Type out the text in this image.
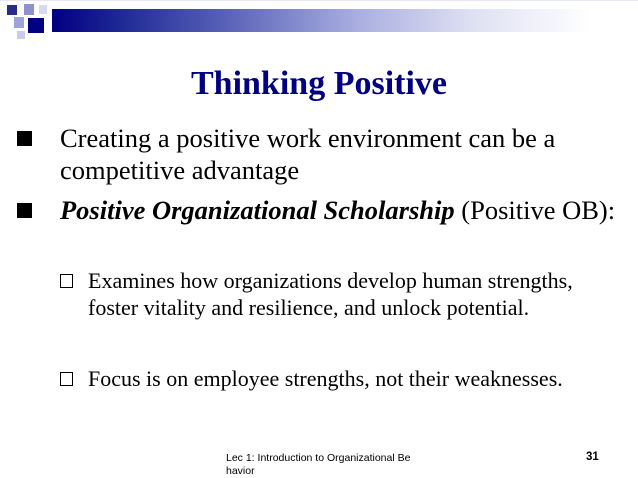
Thinking Positive
Creating a positive work environment can be a competitive advantage
Positive Organizational Scholarship (Positive OB):
Examines how organizations develop human strengths, foster vitality and resilience, and unlock potential.
Focus is on employee strengths, not their weaknesses.
Lec 1: Introduction to Organizational Be havior
31
